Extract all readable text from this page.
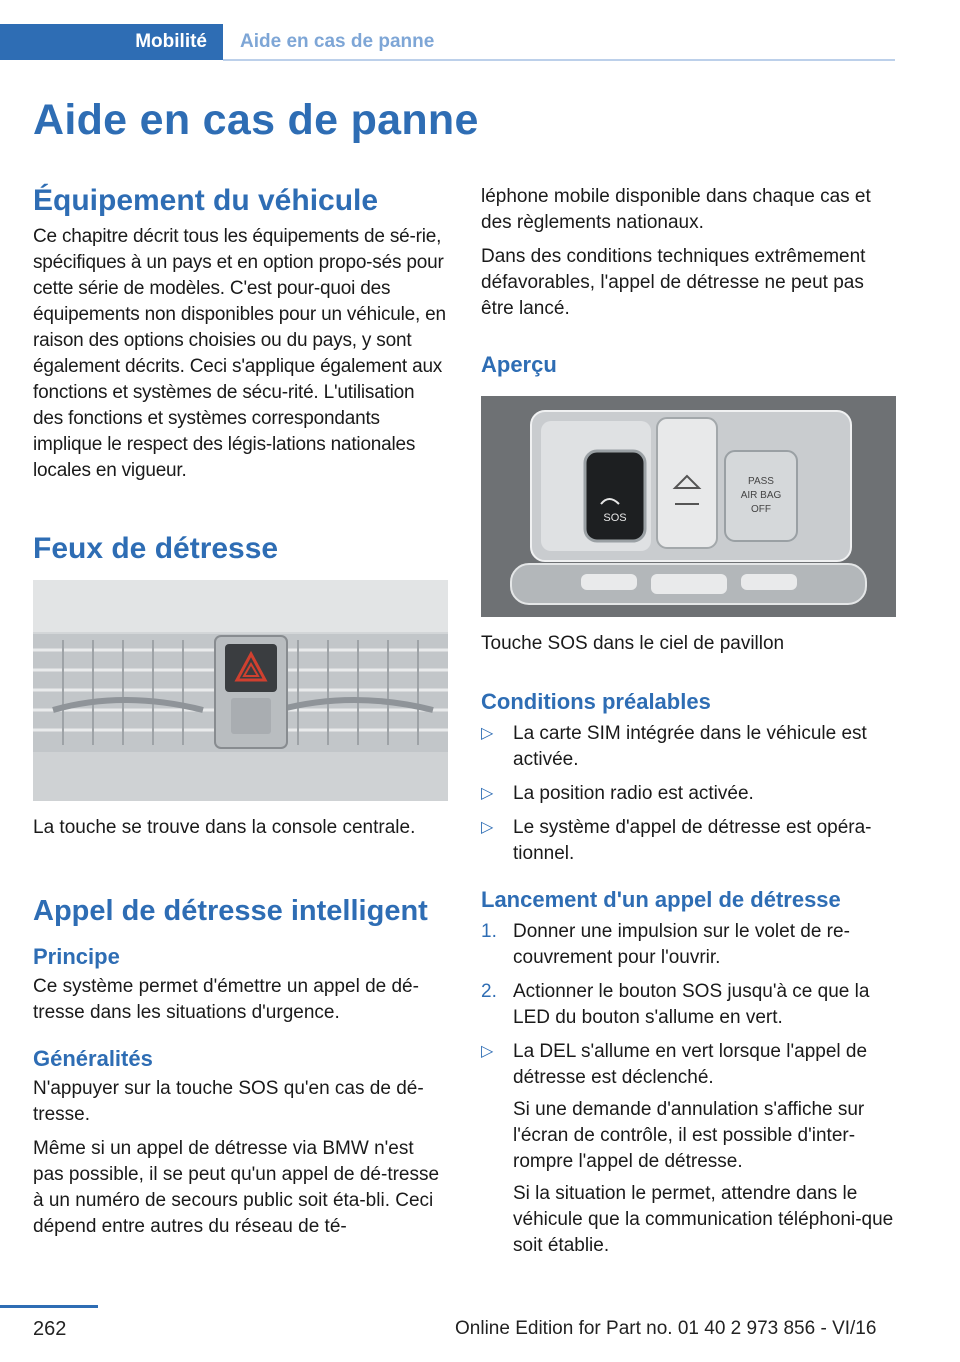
Mobilité	Aide en cas de panne
Aide en cas de panne
Équipement du véhicule

Ce chapitre décrit tous les équipements de sé-rie, spécifiques à un pays et en option propo-sés pour cette série de modèles. C'est pour-quoi des équipements non disponibles pour un véhicule, en raison des options choisies ou du pays, y sont également décrits. Ceci s'applique également aux fonctions et systèmes de sécu-rité. L'utilisation des fonctions et systèmes correspondants implique le respect des légis-lations nationales locales en vigueur.

Feux de détresse

La touche se trouve dans la console centrale.

Appel de détresse intelligent
Principe

Ce système permet d'émettre un appel de dé-tresse dans les situations d'urgence.

Généralités

N'appuyer sur la touche SOS qu'en cas de dé-tresse.

Même si un appel de détresse via BMW n'est pas possible, il se peut qu'un appel de dé-tresse à un numéro de secours public soit éta-bli. Ceci dépend entre autres du réseau de té-

léphone mobile disponible dans chaque cas et des règlements nationaux.

Dans des conditions techniques extrêmement défavorables, l'appel de détresse ne peut pas être lancé.

Aperçu
SOS
PASS
AIR BAG
OFF

Touche SOS dans le ciel de pavillon

Conditions préalables
▷ La carte SIM intégrée dans le véhicule est activée.
▷ La position radio est activée.
▷ Le système d'appel de détresse est opéra-tionnel.
Lancement d'un appel de détresse
1. Donner une impulsion sur le volet de re-couvrement pour l'ouvrir.
2. Actionner le bouton SOS jusqu'à ce que la LED du bouton s'allume en vert.
▷ La DEL s'allume en vert lorsque l'appel de détresse est déclenché.

Si une demande d'annulation s'affiche sur l'écran de contrôle, il est possible d'inter-rompre l'appel de détresse.

Si la situation le permet, attendre dans le véhicule que la communication téléphoni-que soit établie.

262	Online Edition for Part no. 01 40 2 973 856 - VI/16
